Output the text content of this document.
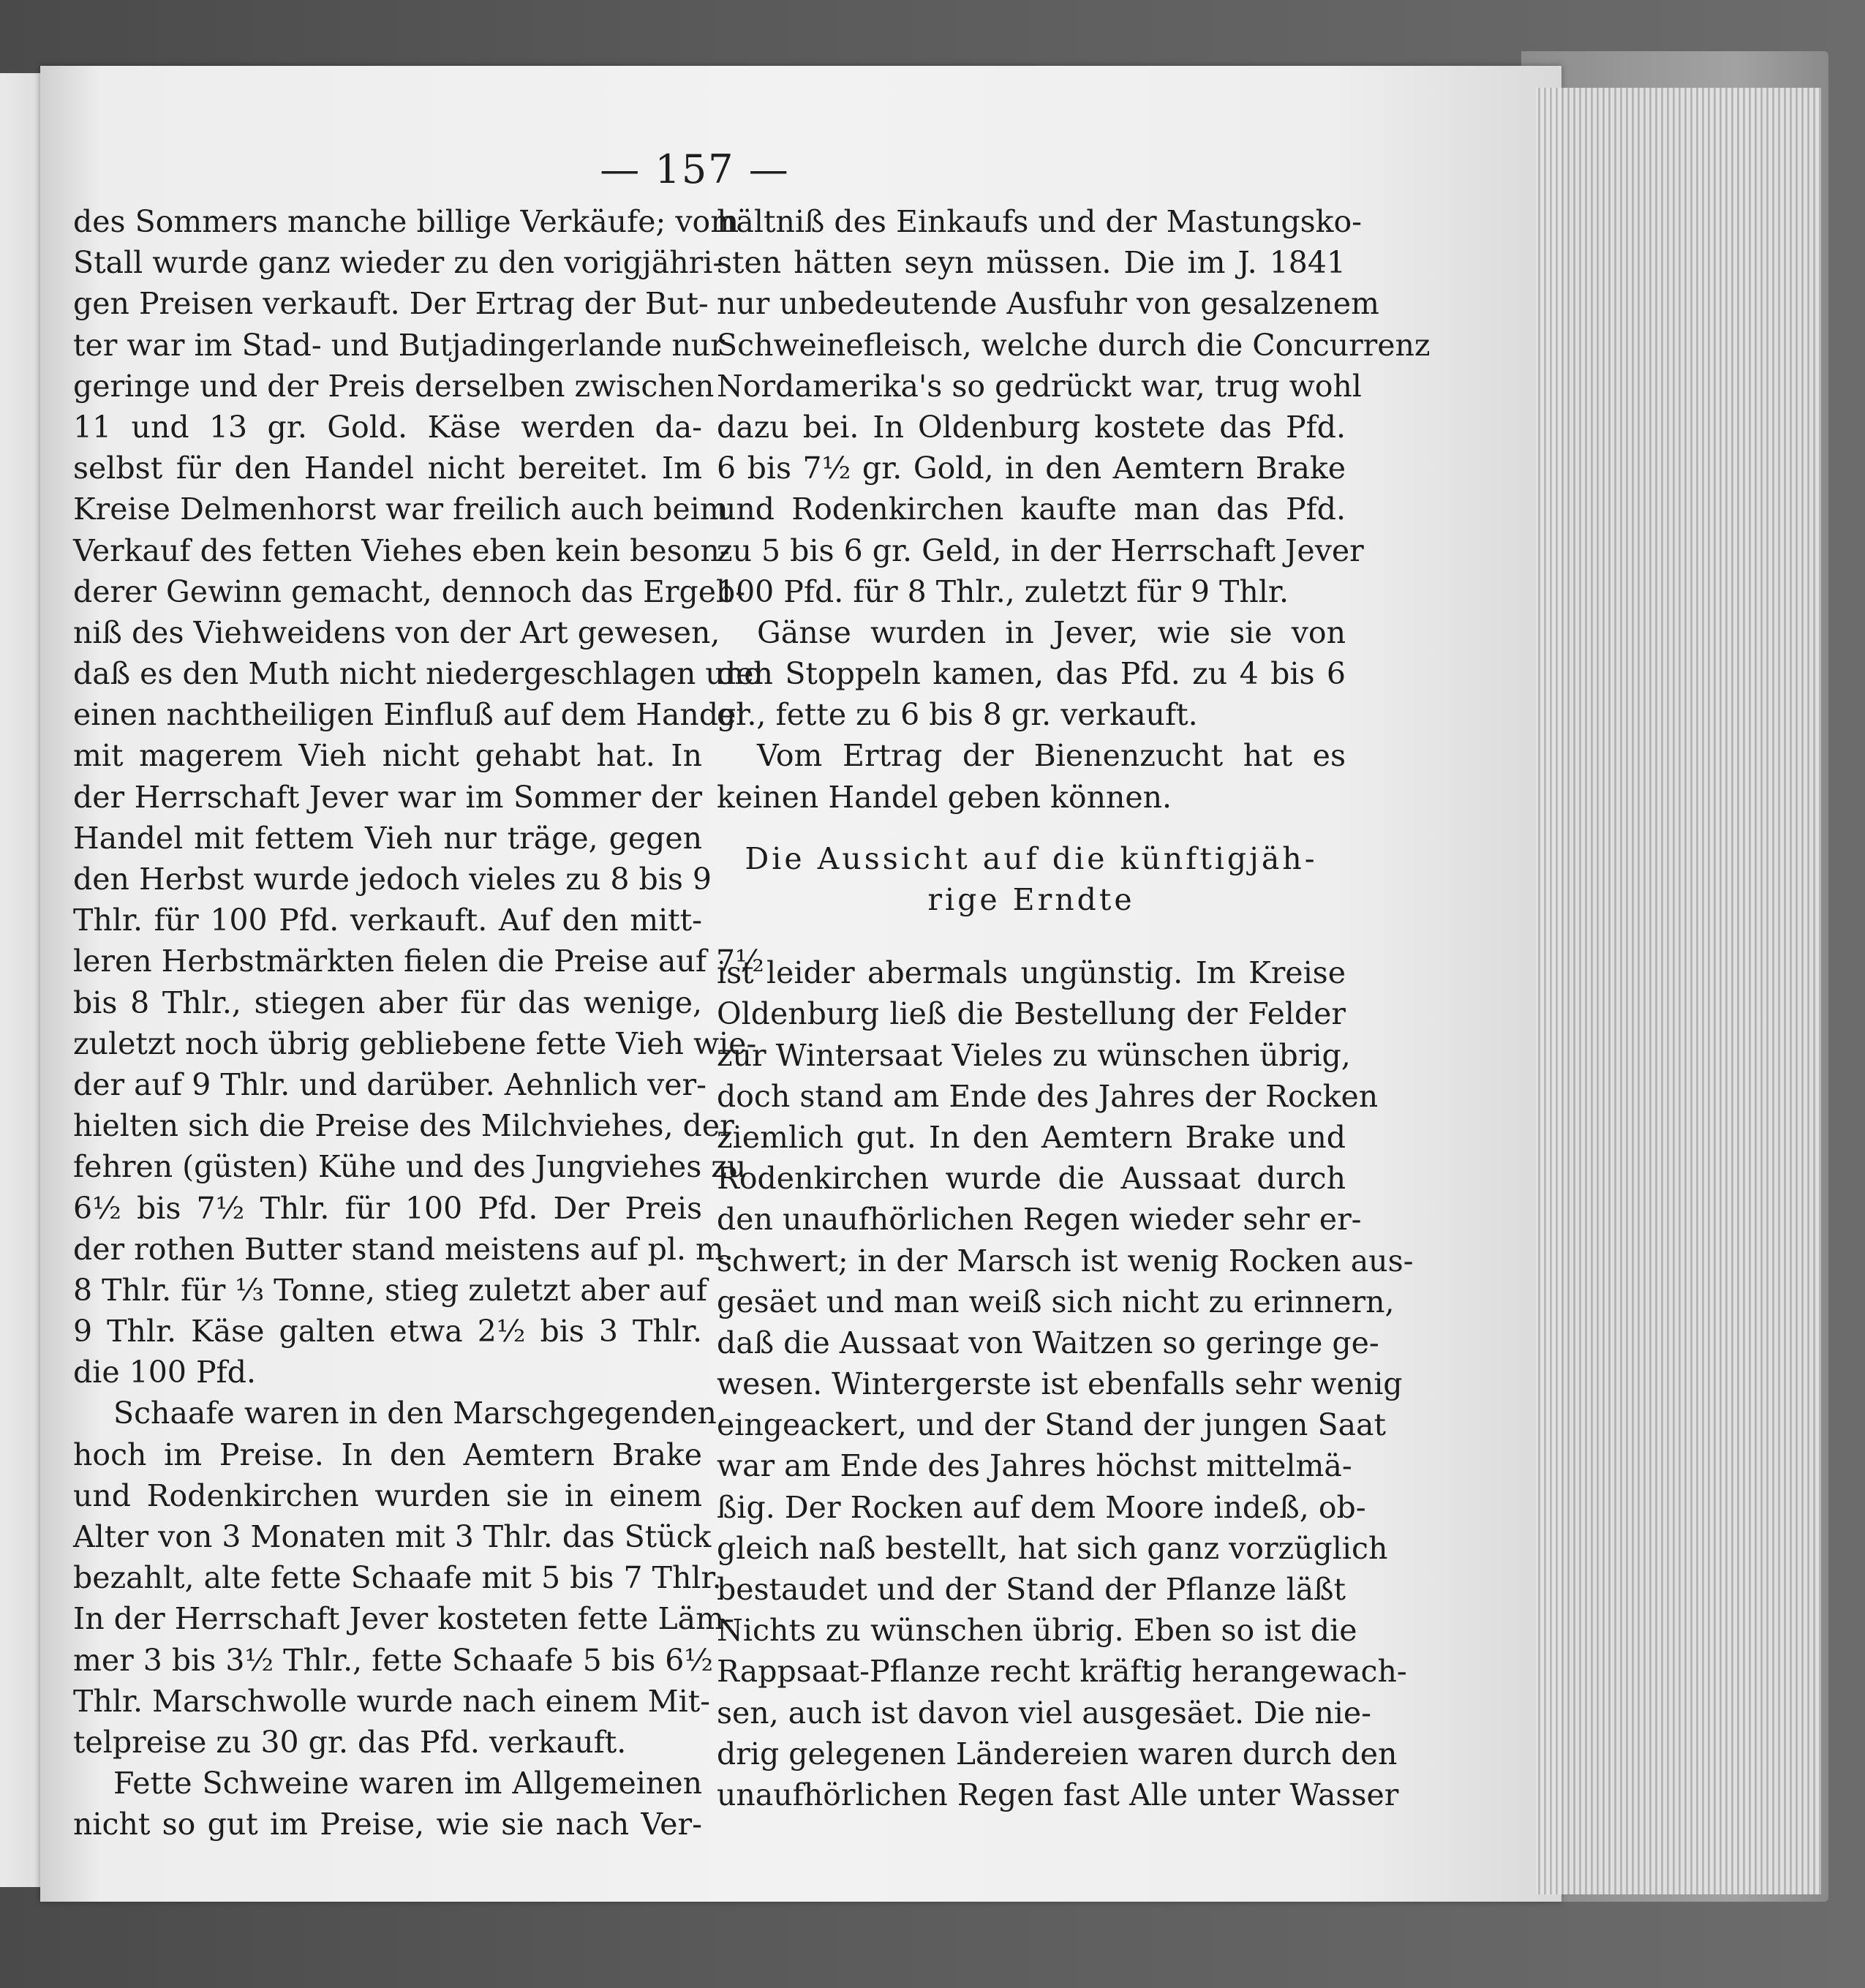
— 157 —
des Sommers manche billige Verkäufe; vom
Stall wurde ganz wieder zu den vorigjähri-
gen Preisen verkauft. Der Ertrag der But-
ter war im Stad- und Butjadingerlande nur
geringe und der Preis derselben zwischen
11 und 13 gr. Gold. Käse werden da-
selbst für den Handel nicht bereitet. Im
Kreise Delmenhorst war freilich auch beim
Verkauf des fetten Viehes eben kein beson-
derer Gewinn gemacht, dennoch das Ergeb-
niß des Viehweidens von der Art gewesen,
daß es den Muth nicht niedergeschlagen und
einen nachtheiligen Einfluß auf dem Handel
mit magerem Vieh nicht gehabt hat. In
der Herrschaft Jever war im Sommer der
Handel mit fettem Vieh nur träge, gegen
den Herbst wurde jedoch vieles zu 8 bis 9
Thlr. für 100 Pfd. verkauft. Auf den mitt-
leren Herbstmärkten fielen die Preise auf 7½
bis 8 Thlr., stiegen aber für das wenige,
zuletzt noch übrig gebliebene fette Vieh wie-
der auf 9 Thlr. und darüber. Aehnlich ver-
hielten sich die Preise des Milchviehes, der
fehren (güsten) Kühe und des Jungviehes zu
6½ bis 7½ Thlr. für 100 Pfd. Der Preis
der rothen Butter stand meistens auf pl. m.
8 Thlr. für ⅓ Tonne, stieg zuletzt aber auf
9 Thlr. Käse galten etwa 2½ bis 3 Thlr.
die 100 Pfd.
Schaafe waren in den Marschgegenden
hoch im Preise. In den Aemtern Brake
und Rodenkirchen wurden sie in einem
Alter von 3 Monaten mit 3 Thlr. das Stück
bezahlt, alte fette Schaafe mit 5 bis 7 Thlr.
In der Herrschaft Jever kosteten fette Läm-
mer 3 bis 3½ Thlr., fette Schaafe 5 bis 6½
Thlr. Marschwolle wurde nach einem Mit-
telpreise zu 30 gr. das Pfd. verkauft.
Fette Schweine waren im Allgemeinen
nicht so gut im Preise, wie sie nach Ver-
hältniß des Einkaufs und der Mastungsko-
sten hätten seyn müssen. Die im J. 1841
nur unbedeutende Ausfuhr von gesalzenem
Schweinefleisch, welche durch die Concurrenz
Nordamerika's so gedrückt war, trug wohl
dazu bei. In Oldenburg kostete das Pfd.
6 bis 7½ gr. Gold, in den Aemtern Brake
und Rodenkirchen kaufte man das Pfd.
zu 5 bis 6 gr. Geld, in der Herrschaft Jever
100 Pfd. für 8 Thlr., zuletzt für 9 Thlr.
Gänse wurden in Jever, wie sie von
den Stoppeln kamen, das Pfd. zu 4 bis 6
gr., fette zu 6 bis 8 gr. verkauft.
Vom Ertrag der Bienenzucht hat es
keinen Handel geben können.
Die Aussicht auf die künftigjäh-
rige Erndte
ist leider abermals ungünstig. Im Kreise
Oldenburg ließ die Bestellung der Felder
zur Wintersaat Vieles zu wünschen übrig,
doch stand am Ende des Jahres der Rocken
ziemlich gut. In den Aemtern Brake und
Rodenkirchen wurde die Aussaat durch
den unaufhörlichen Regen wieder sehr er-
schwert; in der Marsch ist wenig Rocken aus-
gesäet und man weiß sich nicht zu erinnern,
daß die Aussaat von Waitzen so geringe ge-
wesen. Wintergerste ist ebenfalls sehr wenig
eingeackert, und der Stand der jungen Saat
war am Ende des Jahres höchst mittelmä-
ßig. Der Rocken auf dem Moore indeß, ob-
gleich naß bestellt, hat sich ganz vorzüglich
bestaudet und der Stand der Pflanze läßt
Nichts zu wünschen übrig. Eben so ist die
Rappsaat-Pflanze recht kräftig herangewach-
sen, auch ist davon viel ausgesäet. Die nie-
drig gelegenen Ländereien waren durch den
unaufhörlichen Regen fast Alle unter Wasser
